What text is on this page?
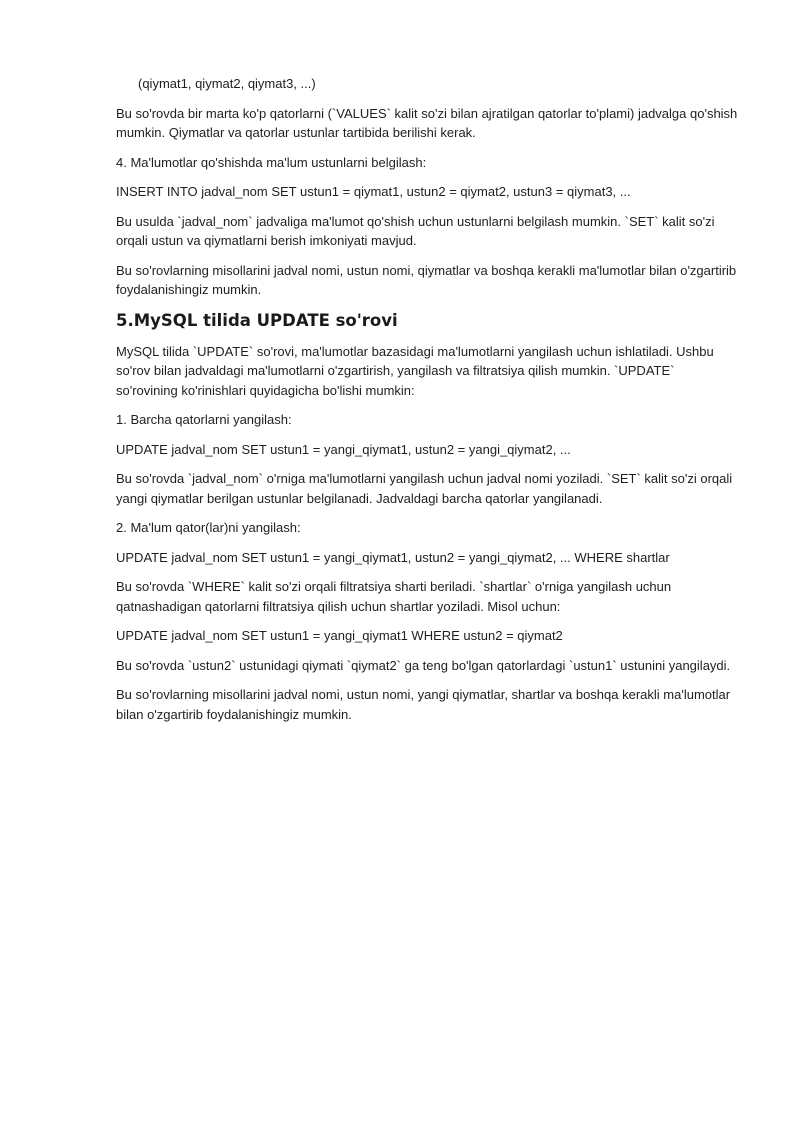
(qiymat1, qiymat2, qiymat3, ...)

Bu so'rovda bir marta ko'p qatorlarni (`VALUES` kalit so'zi bilan ajratilgan qatorlar to'plami) jadvalga qo'shish mumkin. Qiymatlar va qatorlar ustunlar tartibida berilishi kerak.

4. Ma'lumotlar qo'shishda ma'lum ustunlarni belgilash:

INSERT INTO jadval_nom SET ustun1 = qiymat1, ustun2 = qiymat2, ustun3 = qiymat3, ...

Bu usulda `jadval_nom` jadvaliga ma'lumot qo'shish uchun ustunlarni belgilash mumkin. `SET` kalit so'zi orqali ustun va qiymatlarni berish imkoniyati mavjud.

Bu so'rovlarning misollarini jadval nomi, ustun nomi, qiymatlar va boshqa kerakli ma'lumotlar bilan o'zgartirib foydalanishingiz mumkin.

5.MySQL tilida UPDATE so'rovi

MySQL tilida `UPDATE` so'rovi, ma'lumotlar bazasidagi ma'lumotlarni yangilash uchun ishlatiladi. Ushbu so'rov bilan jadvaldagi ma'lumotlarni o'zgartirish, yangilash va filtratsiya qilish mumkin. `UPDATE` so'rovining ko'rinishlari quyidagicha bo'lishi mumkin:

1. Barcha qatorlarni yangilash:

UPDATE jadval_nom SET ustun1 = yangi_qiymat1, ustun2 = yangi_qiymat2, ...

Bu so'rovda `jadval_nom` o'rniga ma'lumotlarni yangilash uchun jadval nomi yoziladi. `SET` kalit so'zi orqali yangi qiymatlar berilgan ustunlar belgilanadi. Jadvaldagi barcha qatorlar yangilanadi.

2. Ma'lum qator(lar)ni yangilash:

UPDATE jadval_nom SET ustun1 = yangi_qiymat1, ustun2 = yangi_qiymat2, ... WHERE shartlar

Bu so'rovda `WHERE` kalit so'zi orqali filtratsiya sharti beriladi. `shartlar` o'rniga yangilash uchun qatnashadigan qatorlarni filtratsiya qilish uchun shartlar yoziladi. Misol uchun:

UPDATE jadval_nom SET ustun1 = yangi_qiymat1 WHERE ustun2 = qiymat2

Bu so'rovda `ustun2` ustunidagi qiymati `qiymat2` ga teng bo'lgan qatorlardagi `ustun1` ustunini yangilaydi.

Bu so'rovlarning misollarini jadval nomi, ustun nomi, yangi qiymatlar, shartlar va boshqa kerakli ma'lumotlar bilan o'zgartirib foydalanishingiz mumkin.
